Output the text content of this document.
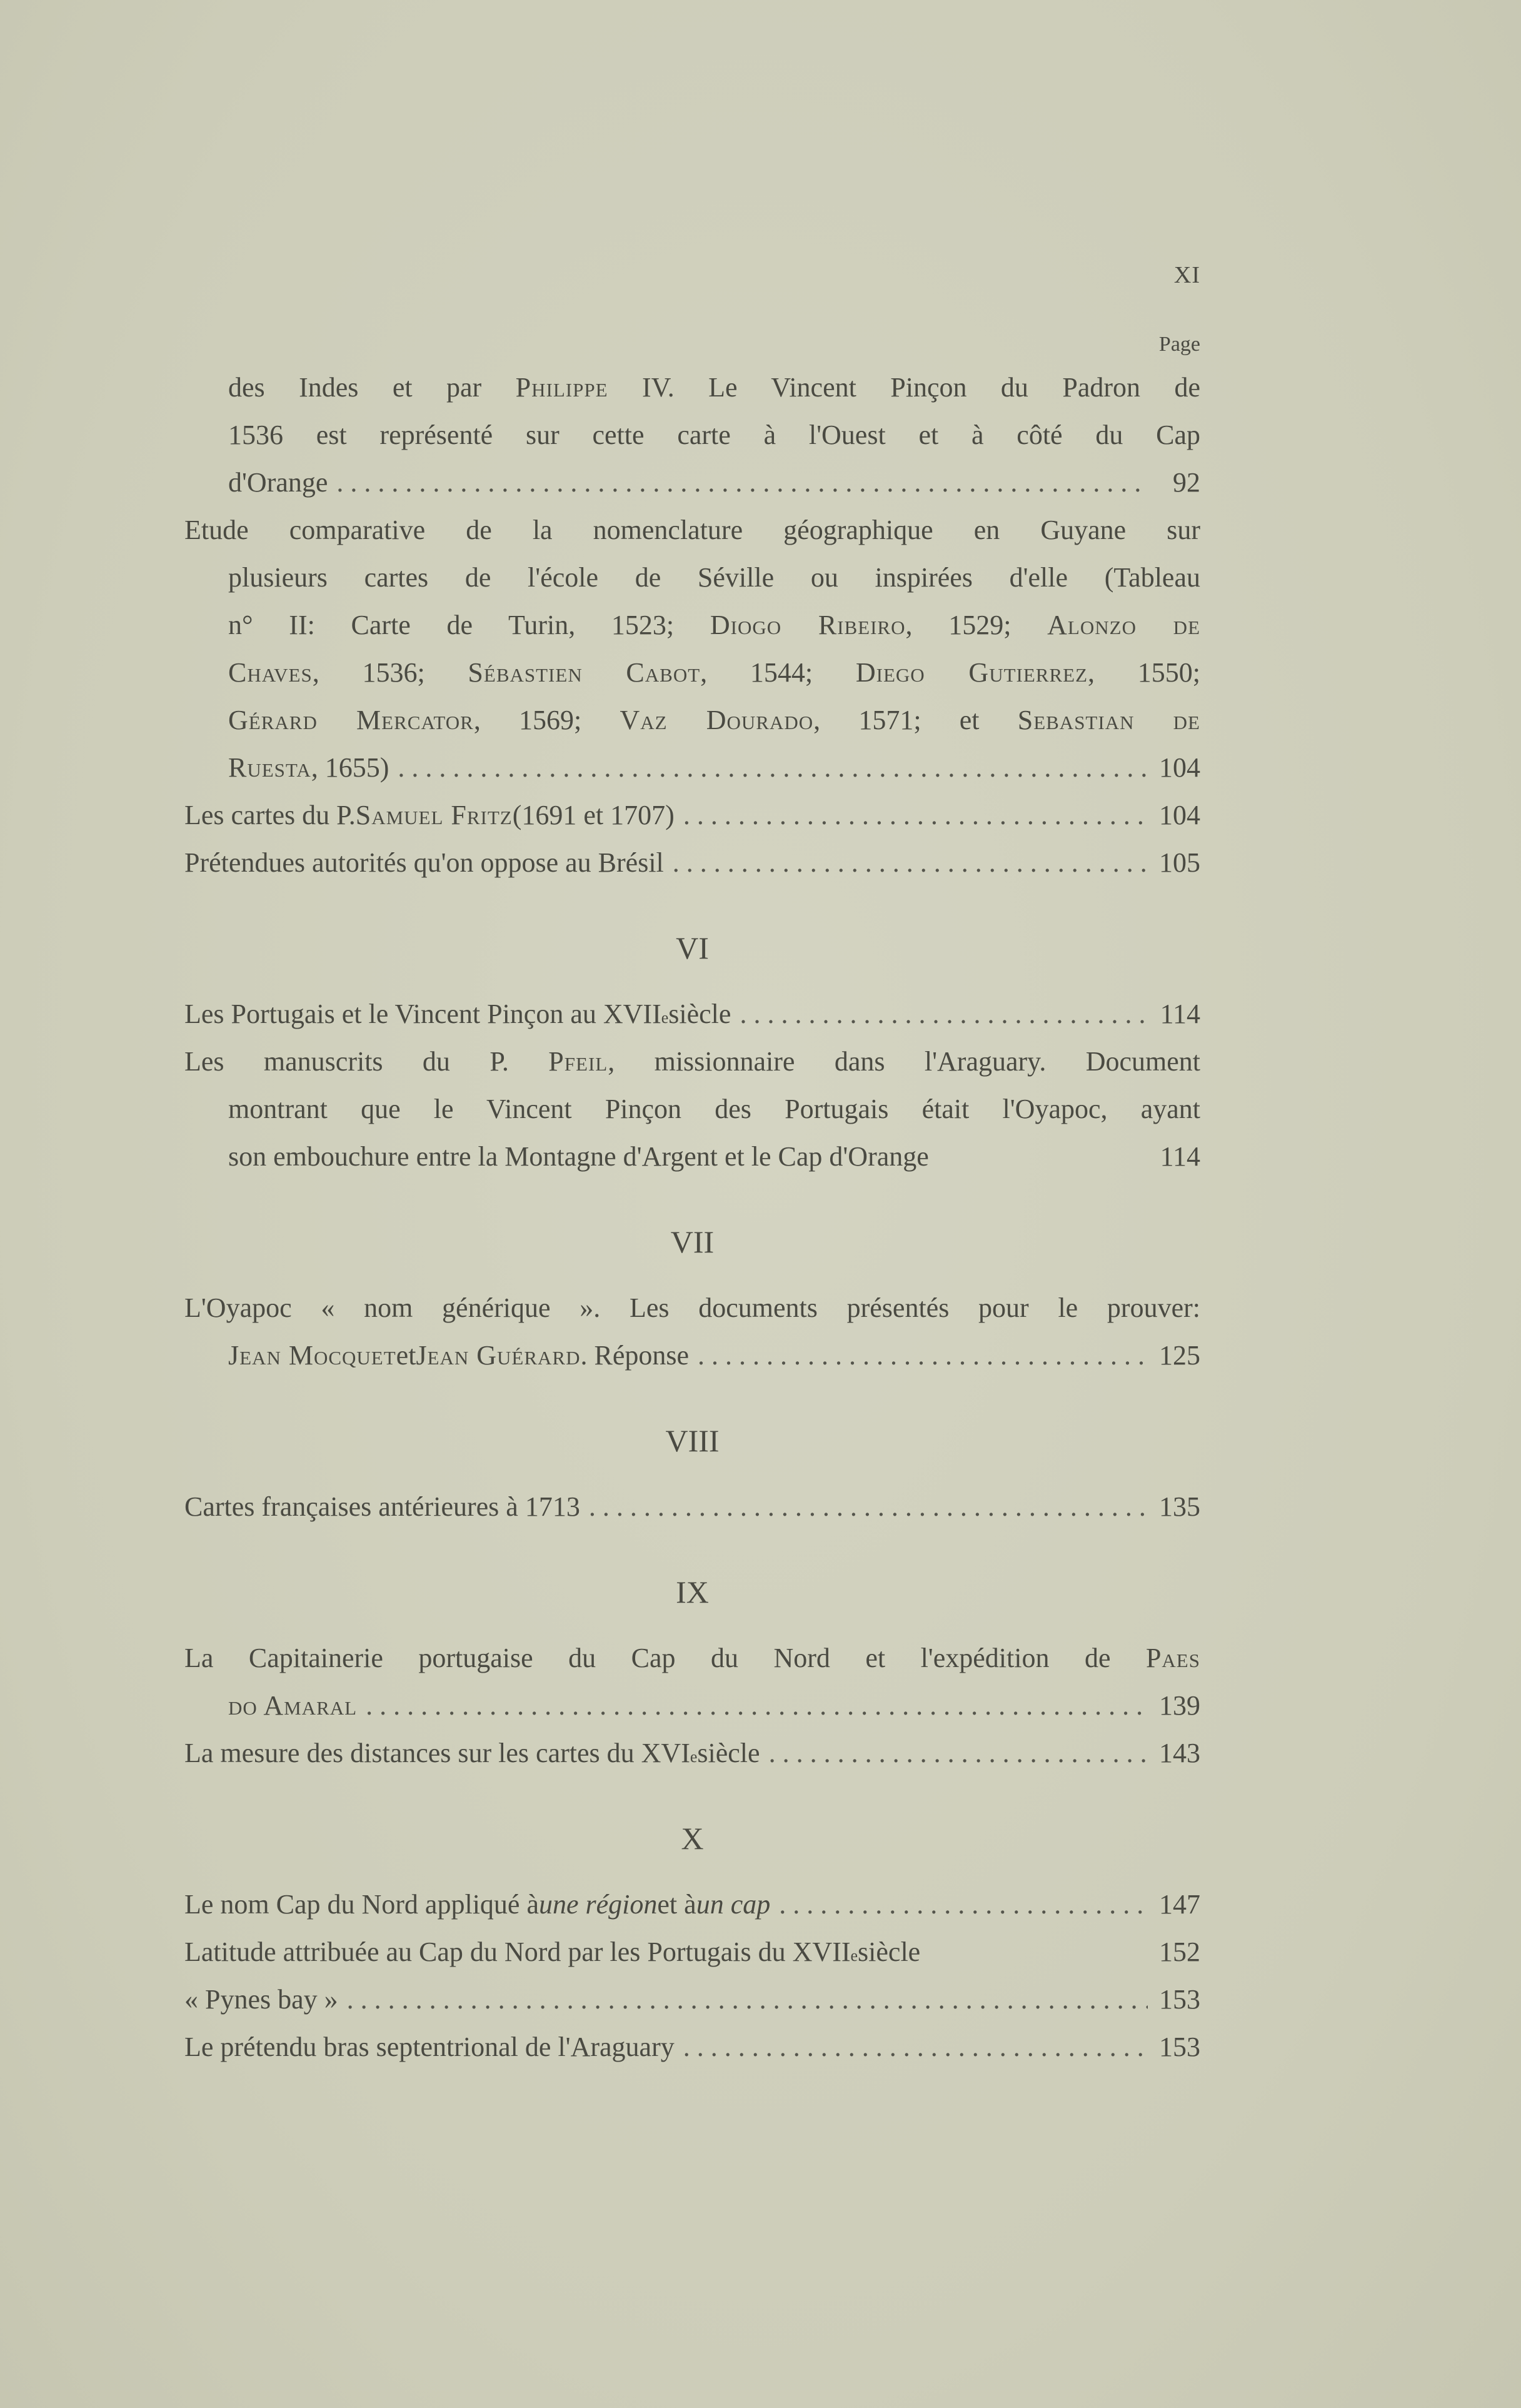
XI
Page
des Indes et par Philippe IV. Le Vincent Pinçon du Padron de
1536 est représenté sur cette carte à l'Ouest et à côté du Cap
d'Orange . . .	92
Etude comparative de la nomenclature géographique en Guyane sur
plusieurs cartes de l'école de Séville ou inspirées d'elle (Tableau
n° II: Carte de Turin, 1523; Diogo Ribeiro, 1529; Alonzo de
Chaves, 1536; Sébastien Cabot, 1544; Diego Gutierrez, 1550;
Gérard Mercator, 1569; Vaz Dourado, 1571; et Sebastian de
Ruesta , 1655) . . .	104
Les cartes du P. Samuel Fritz (1691 et 1707) . . .	104
Prétendues autorités qu'on oppose au Brésil . . .	105
VI
Les Portugais et le Vincent Pinçon au XVII e siècle . . .	114
Les manuscrits du P. Pfeil, missionnaire dans l'Araguary. Document
montrant que le Vincent Pinçon des Portugais était l'Oyapoc, ayant
son embouchure entre la Montagne d'Argent et le Cap d'Orange	114
VII
L'Oyapoc « nom générique ». Les documents présentés pour le prouver:
Jean Mocquet et Jean Guérard . Réponse . . .	125
VIII
Cartes françaises antérieures à 1713 . . .	135
IX
La Capitainerie portugaise du Cap du Nord et l'expédition de Paes
do Amaral . . .	139
La mesure des distances sur les cartes du XVI e siècle . . .	143
X
Le nom Cap du Nord appliqué à une région et à un cap . . .	147
Latitude attribuée au Cap du Nord par les Portugais du XVII e siècle	152
« Pynes bay » . . .	153
Le prétendu bras septentrional de l'Araguary . . .	153
